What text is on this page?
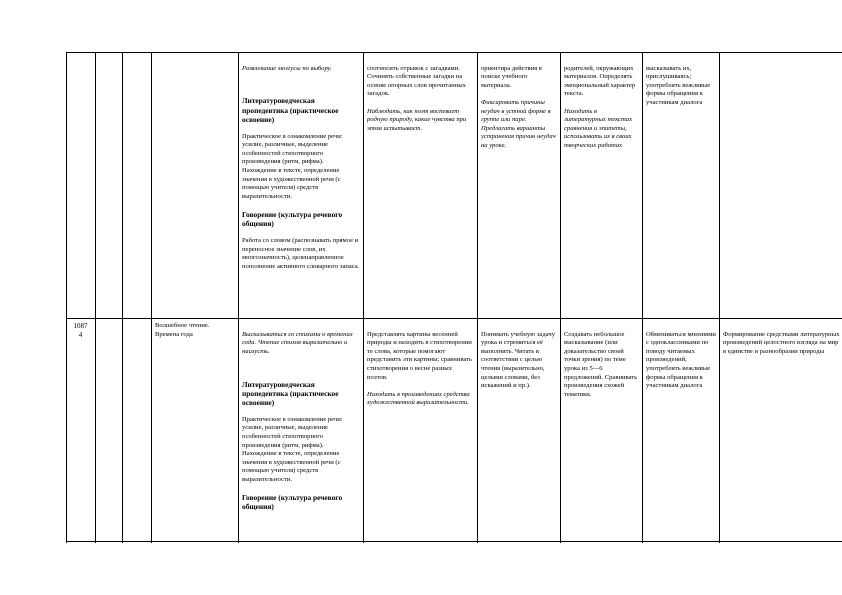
Развлекание мозгусы по выбору.

Литературоведческая пропедевтика (практическое освоение)

Практическое в ознакомление речи: усилие, различные, выделение особенностей стихотворного произведения (ритм, рифма).
Нахождение в тексте, определение значения в художественной речи (с помощью учителя) средств выразительности.

Говорение (культура речевого общения)

Работа со словом (распознавать прямое и переносное значение слов, их многозначность), целенаправленное пополнение активного словарного запаса.

соотносить отрывок с загадками. Сочинять собственные загадки на основе опорных слов прочитанных загадок.

Наблюдать, как поэт воспевает родную природу, какие чувства при этом испытывает.

ориентира действия в поиске учебного материала.

Фиксировать причины неудач в устной форме в группе или паре. Предлагать варианты устранения причин неудач на уроке.

родителей, окружающих материалов. Определять эмоциональный характер текста.

Находить в литературных текстах сравнения и эпитеты, использовать их в своих творческих работах

высказывать их, прислушиваясь; употреблять вежливые формы обращения к участникам диалога

1087
4
Волшебное чтение. Времена года	Высказываться со стихами о временах года. Чтение стихов выразительно и наизусть.

Литературоведческая пропедевтика (практическое освоение)

Практическое в ознакомление речи: усилие, различные, выделение особенностей стихотворного произведения (ритм, рифма).
Нахождение в тексте, определение значения в художественной речи (с помощью учителя) средств выразительности.

Говорение (культура речевого общения)

Представлять картины весенней природы и находить в стихотворении те слова, которые помогают представить эти картины; сравнивать стихотворения о весне разных поэтов.

Находить в произведениях средства художественной выразительности.

Понимать учебную задачу урока и стремиться её выполнить. Читать в соответствии с целью чтения (выразительно, целыми словами, без искажений и пр.).

Создавать небольшое высказывание (или доказательство своей точки зрения) по теме урока из 5—6 предложений. Сравнивать произведения схожей тематики.

Обмениваться мнениями с одноклассниками по поводу читаемых произведений; употреблять вежливые формы обращения к участникам диалога

Формирование средствами литературных произведений целостного взгляда на мир в единстве и разнообразии природы
